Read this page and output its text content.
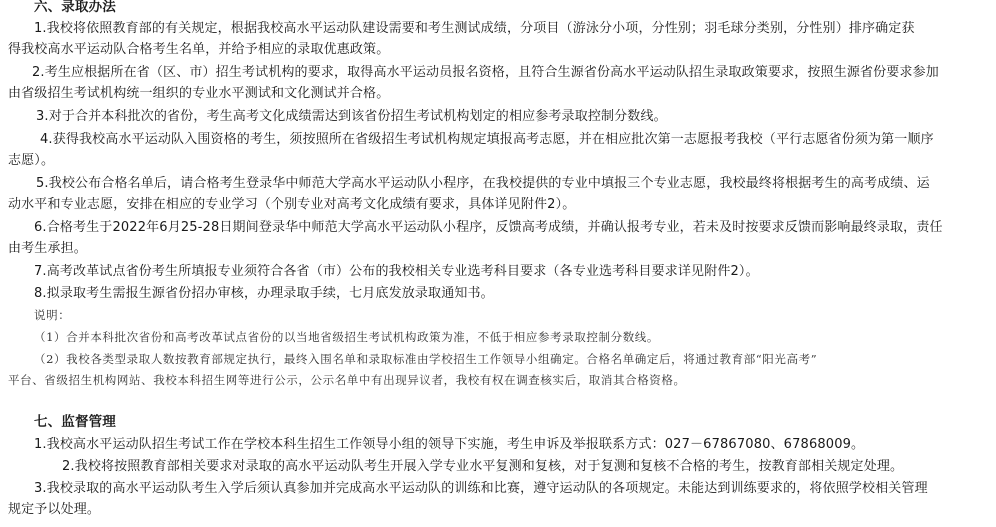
六、录取办法
1.我校将依照教育部的有关规定，根据我校高水平运动队建设需要和考生测试成绩，分项目（游泳分小项，分性别；羽毛球分类别，分性别）排序确定获
得我校高水平运动队合格考生名单，并给予相应的录取优惠政策。
2.考生应根据所在省（区、市）招生考试机构的要求，取得高水平运动员报名资格，且符合生源省份高水平运动队招生录取政策要求，按照生源省份要求参加
由省级招生考试机构统一组织的专业水平测试和文化测试并合格。
3.对于合并本科批次的省份，考生高考文化成绩需达到该省份招生考试机构划定的相应参考录取控制分数线。
4.获得我校高水平运动队入围资格的考生，须按照所在省级招生考试机构规定填报高考志愿，并在相应批次第一志愿报考我校（平行志愿省份须为第一顺序
志愿）。
5.我校公布合格名单后，请合格考生登录华中师范大学高水平运动队小程序，在我校提供的专业中填报三个专业志愿，我校最终将根据考生的高考成绩、运
动水平和专业志愿，安排在相应的专业学习（个别专业对高考文化成绩有要求，具体详见附件2）。
6.合格考生于2022年6月25-28日期间登录华中师范大学高水平运动队小程序，反馈高考成绩，并确认报考专业，若未及时按要求反馈而影响最终录取，责任
由考生承担。
7.高考改革试点省份考生所填报专业须符合各省（市）公布的我校相关专业选考科目要求（各专业选考科目要求详见附件2）。
8.拟录取考生需报生源省份招办审核，办理录取手续，七月底发放录取通知书。
说明：
（1）合并本科批次省份和高考改革试点省份的以当地省级招生考试机构政策为准，不低于相应参考录取控制分数线。
（2）我校各类型录取人数按教育部规定执行，最终入围名单和录取标准由学校招生工作领导小组确定。合格名单确定后，将通过教育部“阳光高考”
平台、省级招生机构网站、我校本科招生网等进行公示，公示名单中有出现异议者，我校有权在调查核实后，取消其合格资格。
七、监督管理
1.我校高水平运动队招生考试工作在学校本科生招生工作领导小组的领导下实施，考生申诉及举报联系方式：027－67867080、67868009。
2.我校将按照教育部相关要求对录取的高水平运动队考生开展入学专业水平复测和复核，对于复测和复核不合格的考生，按教育部相关规定处理。
3.我校录取的高水平运动队考生入学后须认真参加并完成高水平运动队的训练和比赛，遵守运动队的各项规定。未能达到训练要求的，将依照学校相关管理
规定予以处理。
